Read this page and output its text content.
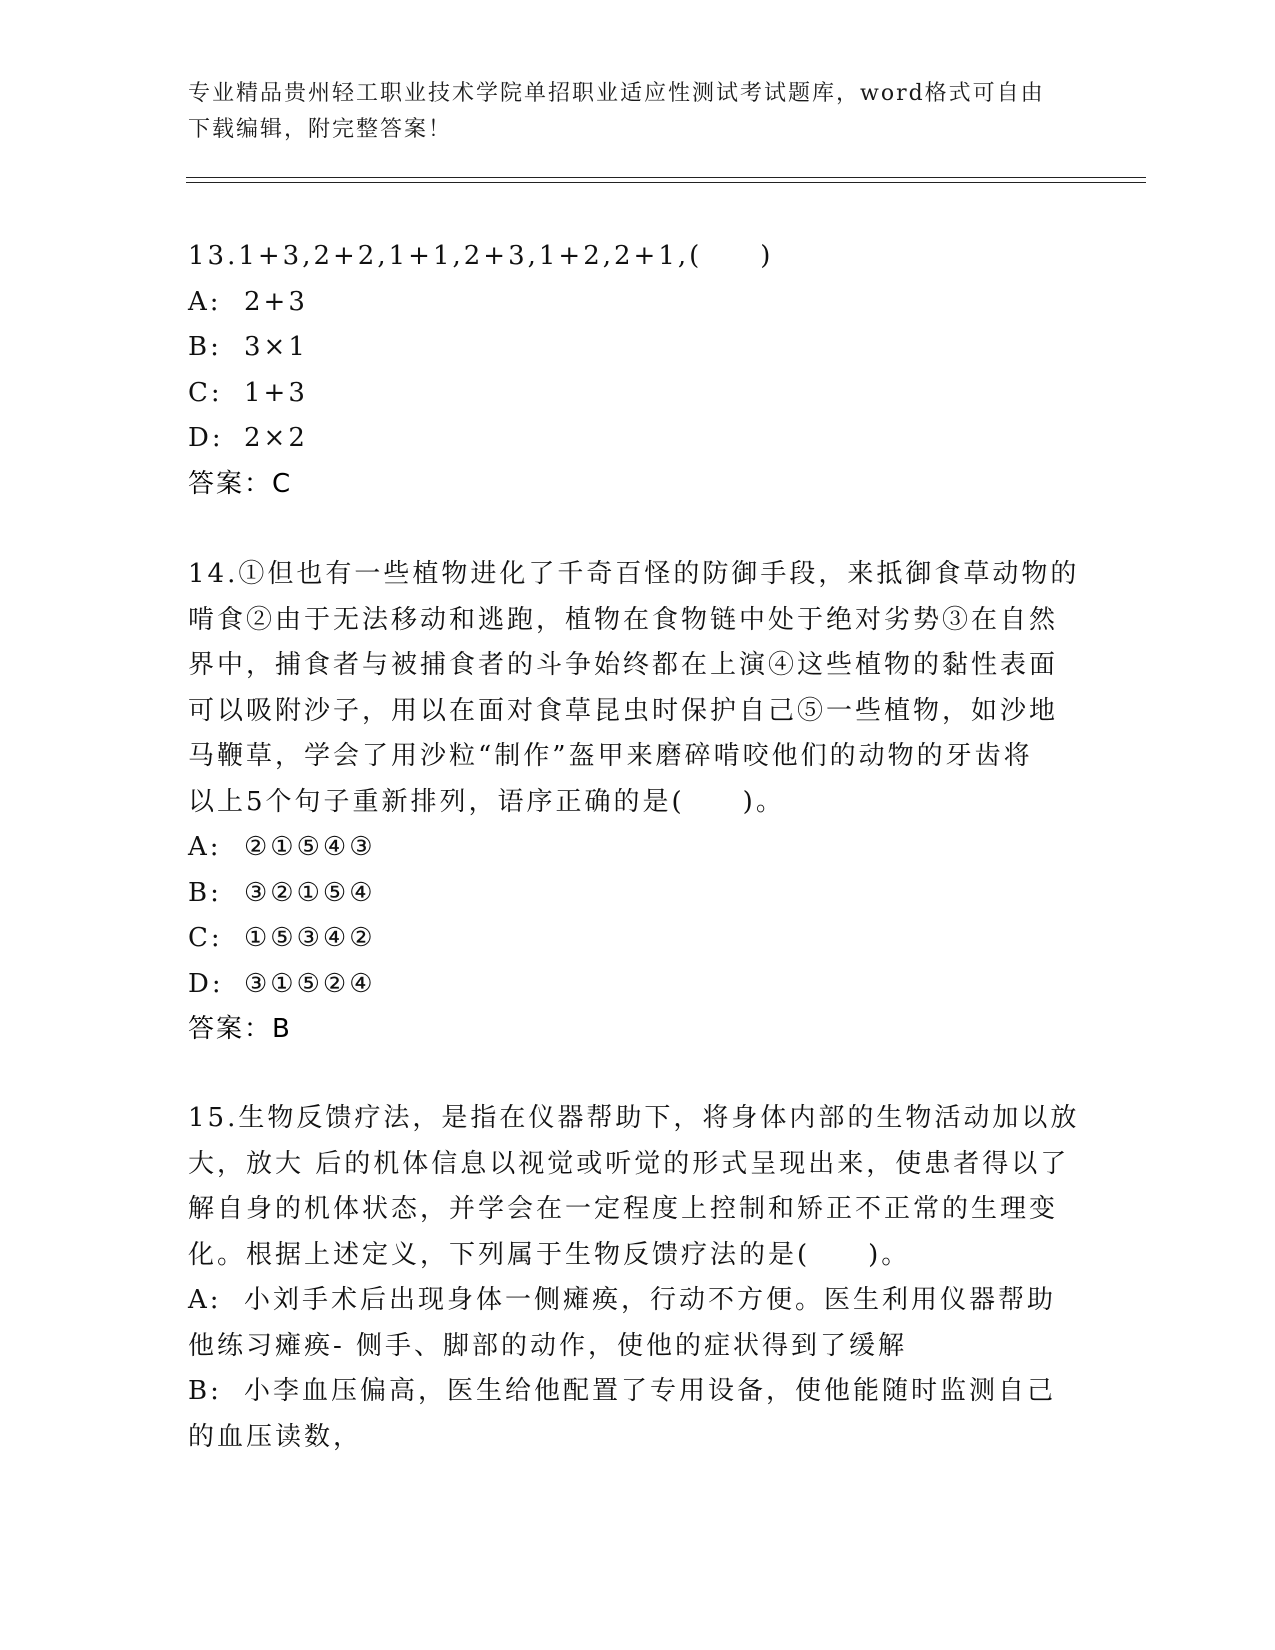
专业精品贵州轻工职业技术学院单招职业适应性测试考试题库，word格式可自由
下载编辑，附完整答案！
13.1+3,2+2,1+1,2+3,1+2,2+1,(　　)
A: 2+3
B: 3×1
C: 1+3
D: 2×2
答案：C
14.①但也有一些植物进化了千奇百怪的防御手段，来抵御食草动物的
啃食②由于无法移动和逃跑，植物在食物链中处于绝对劣势③在自然
界中，捕食者与被捕食者的斗争始终都在上演④这些植物的黏性表面
可以吸附沙子，用以在面对食草昆虫时保护自己⑤一些植物，如沙地
马鞭草，学会了用沙粒“制作”盔甲来磨碎啃咬他们的动物的牙齿将
以上5个句子重新排列，语序正确的是(　　)。
A: ②①⑤④③
B: ③②①⑤④
C: ①⑤③④②
D: ③①⑤②④
答案：B
15.生物反馈疗法，是指在仪器帮助下，将身体内部的生物活动加以放
大，放大 后的机体信息以视觉或听觉的形式呈现出来，使患者得以了
解自身的机体状态，并学会在一定程度上控制和矫正不正常的生理变
化。根据上述定义，下列属于生物反馈疗法的是(　　)。
A: 小刘手术后出现身体一侧瘫痪，行动不方便。医生利用仪器帮助
他练习瘫痪- 侧手、脚部的动作，使他的症状得到了缓解
B: 小李血压偏高，医生给他配置了专用设备，使他能随时监测自己
的血压读数，
